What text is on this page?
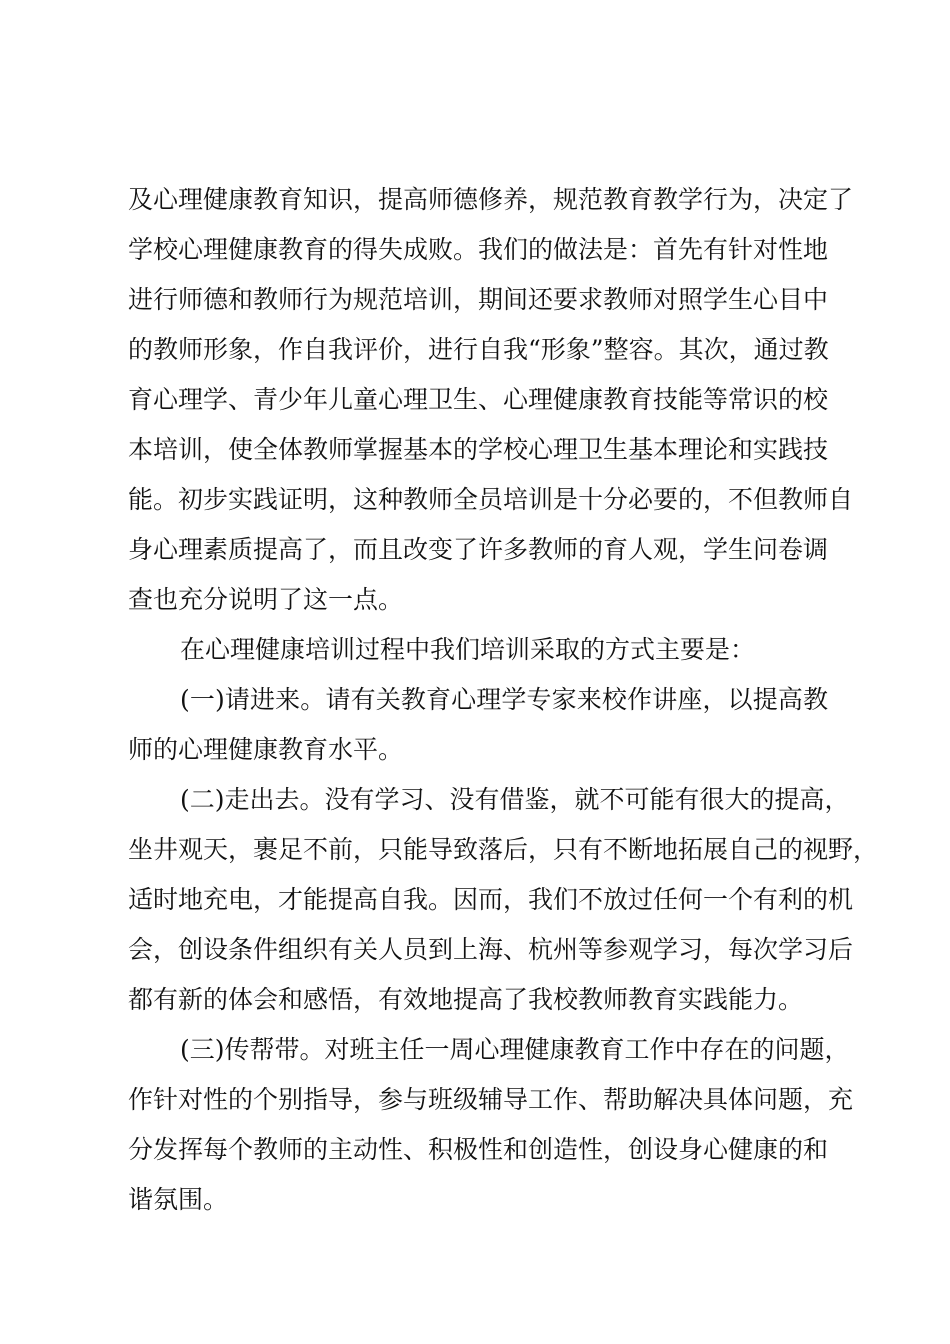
及心理健康教育知识，提高师德修养，规范教育教学行为，决定了
学校心理健康教育的得失成败。我们的做法是：首先有针对性地
进行师德和教师行为规范培训，期间还要求教师对照学生心目中
的教师形象，作自我评价，进行自我“形象”整容。其次，通过教
育心理学、青少年儿童心理卫生、心理健康教育技能等常识的校
本培训，使全体教师掌握基本的学校心理卫生基本理论和实践技
能。初步实践证明，这种教师全员培训是十分必要的，不但教师自
身心理素质提高了，而且改变了许多教师的育人观，学生问卷调
查也充分说明了这一点。
在心理健康培训过程中我们培训采取的方式主要是：
(一)请进来。请有关教育心理学专家来校作讲座，以提高教
师的心理健康教育水平。
(二)走出去。没有学习、没有借鉴，就不可能有很大的提高，
坐井观天，裹足不前，只能导致落后，只有不断地拓展自己的视野，
适时地充电，才能提高自我。因而，我们不放过任何一个有利的机
会，创设条件组织有关人员到上海、杭州等参观学习，每次学习后
都有新的体会和感悟，有效地提高了我校教师教育实践能力。
(三)传帮带。对班主任一周心理健康教育工作中存在的问题，
作针对性的个别指导，参与班级辅导工作、帮助解决具体问题，充
分发挥每个教师的主动性、积极性和创造性，创设身心健康的和
谐氛围。
